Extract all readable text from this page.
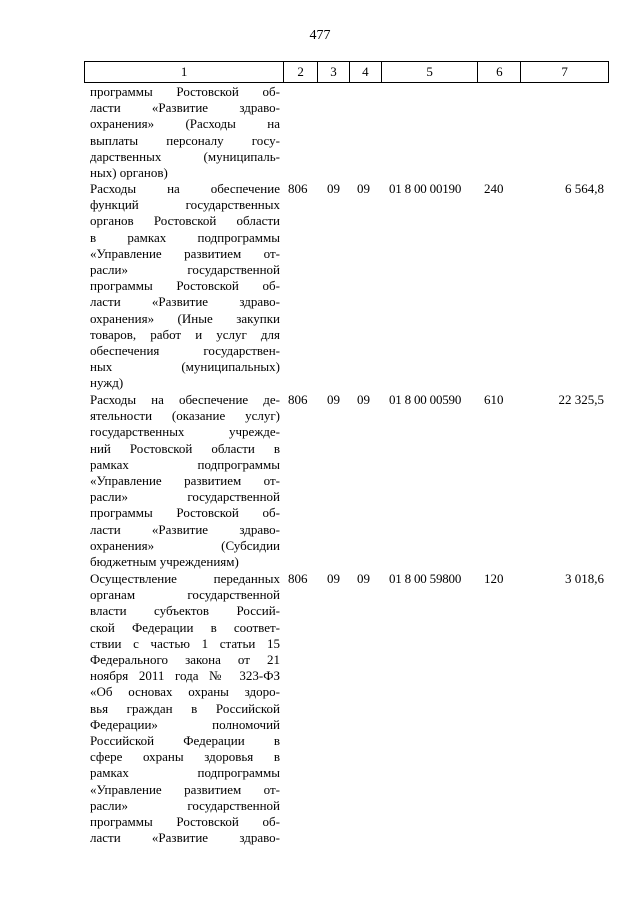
477
1	2	3	4	5	6	7
программы Ростовской об-
ласти «Развитие здраво-
охранения» (Расходы на
выплаты персоналу госу-
дарственных (муниципаль-
ных) органов)
Расходы на обеспечение
функций государственных
органов Ростовской области
в рамках подпрограммы
«Управление развитием от-
расли» государственной
программы Ростовской об-
ласти «Развитие здраво-
охранения» (Иные закупки
товаров, работ и услуг для
обеспечения государствен-
ных (муниципальных)
нужд)
806	09	09	01 8 00 00190	240	6 564,8
Расходы на обеспечение де-
ятельности (оказание услуг)
государственных учрежде-
ний Ростовской области в
рамках подпрограммы
«Управление развитием от-
расли» государственной
программы Ростовской об-
ласти «Развитие здраво-
охранения» (Субсидии
бюджетным учреждениям)
806	09	09	01 8 00 00590	610	22 325,5
Осуществление переданных
органам государственной
власти субъектов Россий-
ской Федерации в соответ-
ствии с частью 1 статьи 15
Федерального закона от 21
ноября 2011 года № 323-ФЗ
«Об основах охраны здоро-
вья граждан в Российской
Федерации» полномочий
Российской Федерации в
сфере охраны здоровья в
рамках подпрограммы
«Управление развитием от-
расли» государственной
программы Ростовской об-
ласти «Развитие здраво-
806	09	09	01 8 00 59800	120	3 018,6
